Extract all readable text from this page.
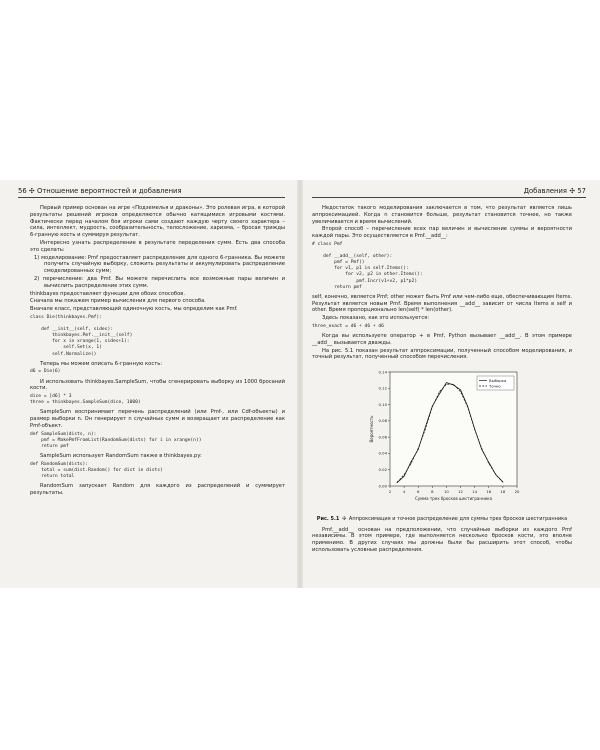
56 ✣ Отношение вероятностей и добавления

Первый пример основан на игре «Подземелья и драконы». Это ролевая игра, в которой результаты решений игроков определяются обычно катящимися игровыми костями. Фактически перед началом боя игроки сами создают каждую черту своего характера – сила, интеллект, мудрость, сообразительность, телосложение, харизма, – бросая трижды 6-гранную кость и суммируя результат.

Интересно узнать распределение в результате переделения сумм. Есть два способа это сделать:

1) моделирование: Pmf предоставляет распределение для одного 6-гранника. Вы можете получить случайную выборку, сложить результаты и аккумулировать распределение смоделированных сумм;
2) перечисление: два Pmf. Вы можете перечислить все возможные пары величин и вычислить распределение этих сумм.

thinkbayes предоставляет функции для обоих способов.

Сначала мы покажем пример вычисления для первого способа.

Вначале класс, представляющий одиночную кость, мы определим как Pmf.

class Die(thinkbayes.Pmf):

def __init__(self, sides):
thinkbayes.Pmf.__init__(self)
for x in xrange(1, sides+1):
self.Set(x, 1)
self.Normalize()

Теперь мы можем описать 6-гранную кость:

d6 = Die(6)

И использовать thinkbayes.SampleSum, чтобы сгенерировать выборку из 1000 бросаний кости.

dice = [d6] * 3
three = thinkbayes.SampleSum(dice, 1000)

SampleSum воспринимает перечень распределений (или Pmf-, или Cdf-объекты) и размер выборки n. Он генерирует n случайных сумм и возвращает их распределение как Pmf-объект.

def SampleSum(dists, n):
pmf = MakePmfFromList(RandomSum(dists) for i in xrange(n))
return pmf

SampleSum использует RandomSum также в thinkbayes.py:

def RandomSum(dists):
total = sum(dist.Random() for dist in dists)
return total

RandomSum запускает Random для каждого из распределений и суммирует результаты.

Добавления ✣ 57

Недостаток такого моделирования заключается в том, что результат является лишь аппроксимацией. Когда n становится больше, результат становится точнее, но также увеличивается и время вычислений.

Второй способ – перечисление всех пар величин и вычисление суммы и вероятности каждой пары. Это осуществляется в Pmf.__add__:

# class Pmf

def __add__(self, other):
pmf = Pmf()
for v1, p1 in self.Items():
for v2, p2 in other.Items():
pmf.Incr(v1+v2, p1*p2)
return pmf

self, конечно, является Pmf; other может быть Pmf или чем-либо еще, обеспечивающим Items. Результат является новым Pmf. Время выполнения __add__ зависит от числа Items в self и other. Время пропорционально len(self) * len(other).

Здесь показано, как это используется:

three_exact = d6 + d6 + d6

Когда вы используете оператор + в Pmf, Python вызывает __add__. В этом примере __add__ вызывается дважды.

На рис. 5.1 показан результат аппроксимации, полученный способом моделирования, и точный результат, полученный способом перечисления.

2	4	6	8	10 12 14 16 18 20
0.00
0.02
0.04
0.06
0.08
0.10
0.12
0.14
Сумма трех бросков шестигранника
Вероятность
Выборка
Точно
Рис. 5.1 ✣ Аппроксимация и точное распределение для суммы трех бросков шестигранника

Pmf.__add__ основан на предположении, что случайные выборки из каждого Pmf независимы. В этом примере, где выполняется несколько бросков кости, это вполне применимо. В других случаях мы должны были бы расширить этот способ, чтобы использовать условные распределения.
